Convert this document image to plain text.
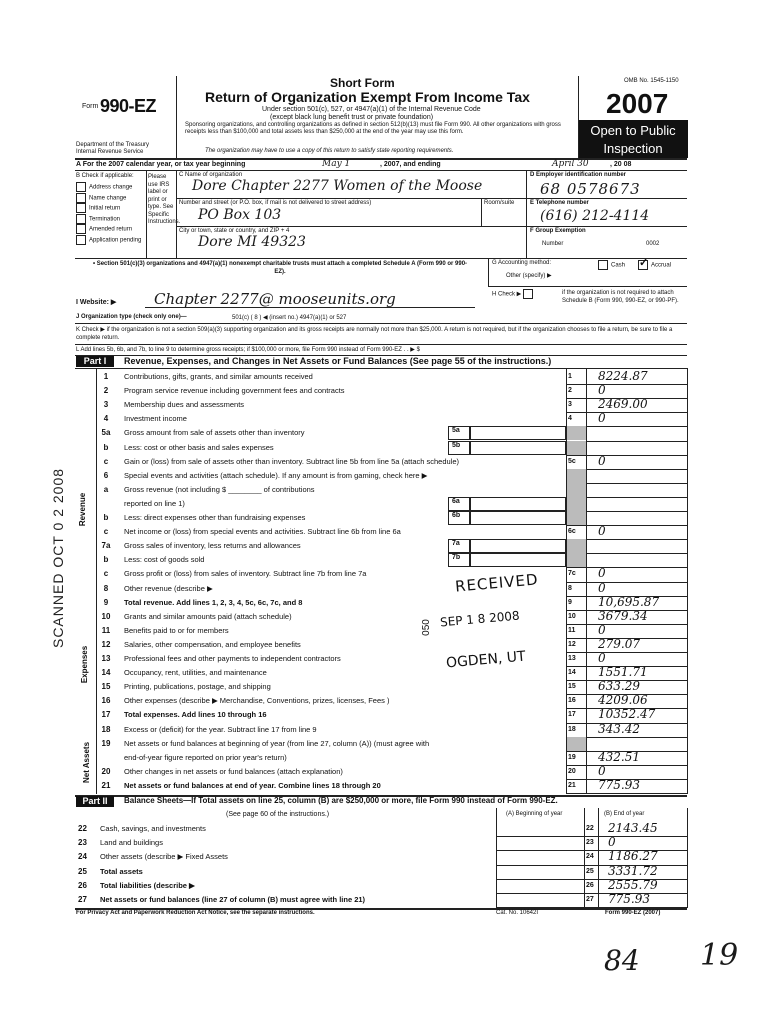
Form 990-EZ
Department of the Treasury
Internal Revenue Service
Short Form
Return of Organization Exempt From Income Tax
Under section 501(c), 527, or 4947(a)(1) of the Internal Revenue Code
(except black lung benefit trust or private foundation)
Sponsoring organizations, and controlling organizations as defined in section 512(b)(13) must file Form 990. All other organizations with gross receipts less than $100,000 and total assets less than $250,000 at the end of the year may use this form.
The organization may have to use a copy of this return to satisfy state reporting requirements.
OMB No. 1545-1150
2007
Open to Public
Inspection
A For the 2007 calendar year, or tax year beginning	May 1	, 2007, and ending	April 30	, 20 08
B Check if applicable:
Address change
Name change
Initial return
Termination
Amended return
Application pending
Please use IRS label or print or type. See Specific Instructions.
C Name of organization
Dore Chapter 2277 Women of the Moose
Number and street (or P.O. box, if mail is not delivered to street address)	Room/suite
PO Box 103
City or town, state or country, and ZIP + 4
Dore MI 49323
D Employer identification number
68 0578673
E Telephone number
(616) 212-4114
F Group Exemption
Number	0002
• Section 501(c)(3) organizations and 4947(a)(1) nonexempt charitable trusts must attach a completed Schedule A (Form 990 or 990-EZ).
G Accounting method:	Cash ✓ Accrual
Other (specify) ▶
H Check ▶	if the organization is not required to attach Schedule B (Form 990, 990-EZ, or 990-PF).
I Website: ▶	Chapter 2277@ mooseunits.org
J Organization type (check only one)—	501(c) ( 8 ) ◀ (insert no.) 4947(a)(1) or 527
K Check ▶ if the organization is not a section 509(a)(3) supporting organization and its gross receipts are normally not more than $25,000. A return is not required, but if the organization chooses to file a return, be sure to file a complete return.
L Add lines 5b, 6b, and 7b, to line 9 to determine gross receipts; if $100,000 or more, file Form 990 instead of Form 990-EZ . . ▶ $
Part I	Revenue, Expenses, and Changes in Net Assets or Fund Balances (See page 55 of the instructions.)
Revenue
Expenses
Net Assets
1	Contributions, gifts, grants, and similar amounts received	1 8224.87
2	Program service revenue including government fees and contracts	2 0
3	Membership dues and assessments	3 2469.00
4	Investment income	4 0
5a	Gross amount from sale of assets other than inventory	5a
b	Less: cost or other basis and sales expenses	5b
c	Gain or (loss) from sale of assets other than inventory. Subtract line 5b from line 5a (attach schedule)	5c 0
6	Special events and activities (attach schedule). If any amount is from gaming, check here ▶
a	Gross revenue (not including $ ________ of contributions
reported on line 1)	6a
b	Less: direct expenses other than fundraising expenses	6b
c	Net income or (loss) from special events and activities. Subtract line 6b from line 6a	6c 0
7a	Gross sales of inventory, less returns and allowances	7a
b	Less: cost of goods sold	7b
c	Gross profit or (loss) from sales of inventory. Subtract line 7b from line 7a	7c 0
8	Other revenue (describe ▶	8 0
9	Total revenue. Add lines 1, 2, 3, 4, 5c, 6c, 7c, and 8	9 10,695.87
10	Grants and similar amounts paid (attach schedule)	10 3679.34
11	Benefits paid to or for members	11 0
12	Salaries, other compensation, and employee benefits	12 279.07
13	Professional fees and other payments to independent contractors	13 0
14	Occupancy, rent, utilities, and maintenance	14 1551.71
15	Printing, publications, postage, and shipping	15 633.29
16	Other expenses (describe ▶ Merchandise, Conventions, prizes, licenses, Fees )	16 4209.06
17	Total expenses. Add lines 10 through 16	17 10352.47
18	Excess or (deficit) for the year. Subtract line 17 from line 9	18 343.42
19	Net assets or fund balances at beginning of year (from line 27, column (A)) (must agree with
end-of-year figure reported on prior year's return)	19 432.51
20	Other changes in net assets or fund balances (attach explanation)	20 0
21	Net assets or fund balances at end of year. Combine lines 18 through 20	21 775.93
Part II	Balance Sheets—If Total assets on line 25, column (B) are $250,000 or more, file Form 990 instead of Form 990-EZ.
(See page 60 of the instructions.)	(A) Beginning of year	(B) End of year
22 Cash, savings, and investments	22 2143.45
23 Land and buildings	23 0
24 Other assets (describe ▶ Fixed Assets	24 1186.27
25 Total assets	25 3331.72
26 Total liabilities (describe ▶	26 2555.79
27 Net assets or fund balances (line 27 of column (B) must agree with line 21)	27 775.93
For Privacy Act and Paperwork Reduction Act Notice, see the separate instructions.	Cat. No. 10642I	Form 990-EZ (2007)
RECEIVED
SEP 1 8 2008
OGDEN, UT
050
SCANNED OCT 0 2 2008
84 19
